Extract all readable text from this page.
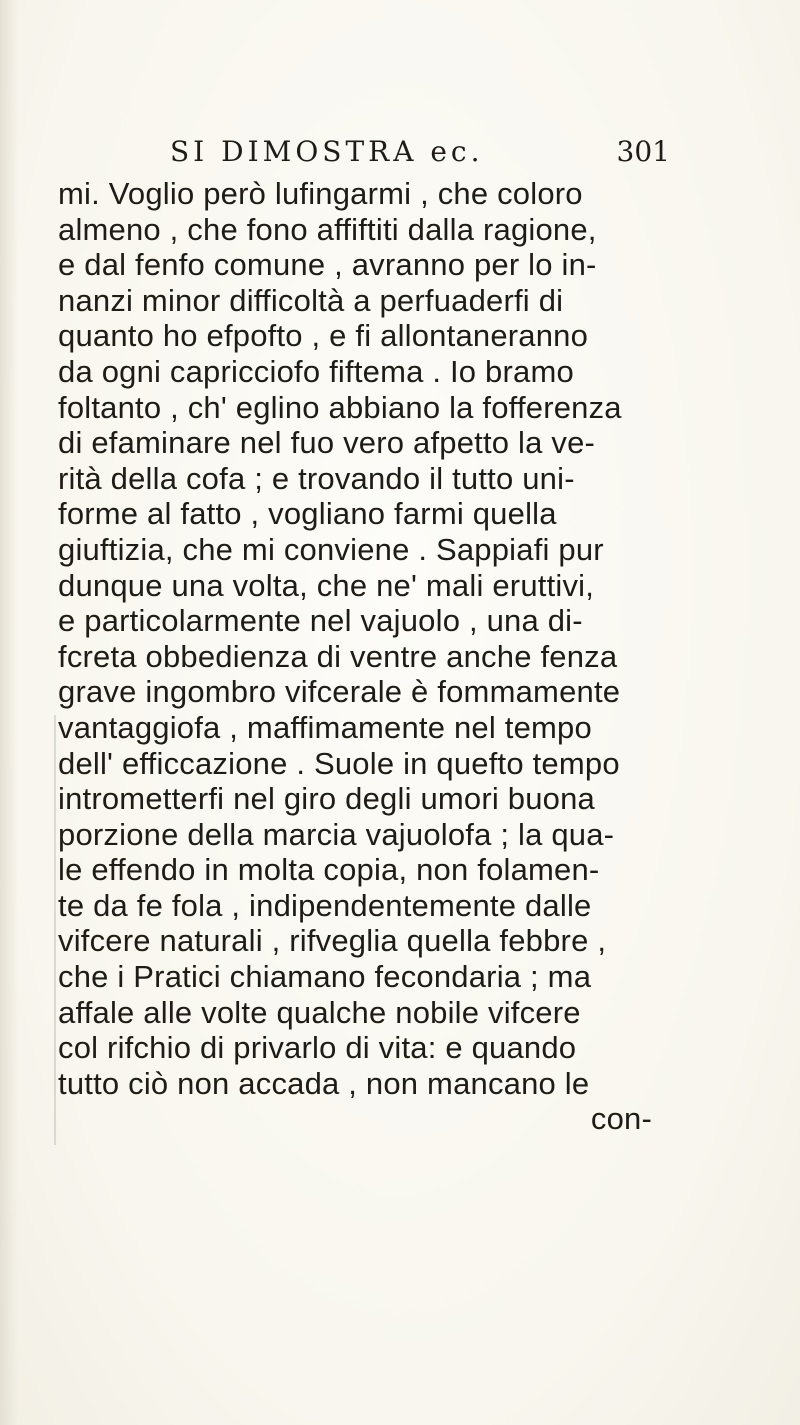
SI DIMOSTRA ec.	301
mi. Voglio però lufingarmi , che coloro
almeno , che fono affiftiti dalla ragione,
e dal fenfo comune , avranno per lo in-
nanzi minor difficoltà a perfuaderfi di
quanto ho efpofto , e fi allontaneranno
da ogni capricciofo fiftema . Io bramo
foltanto , ch' eglino abbiano la fofferenza
di efaminare nel fuo vero afpetto la ve-
rità della cofa ; e trovando il tutto uni-
forme al fatto , vogliano farmi quella
giuftizia, che mi conviene . Sappiafi pur
dunque una volta, che ne' mali eruttivi,
e particolarmente nel vajuolo , una di-
fcreta obbedienza di ventre anche fenza
grave ingombro vifcerale è fommamente
vantaggiofa , maffimamente nel tempo
dell' efficcazione . Suole in quefto tempo
intrometterfi nel giro degli umori buona
porzione della marcia vajuolofa ; la qua-
le effendo in molta copia, non folamen-
te da fe fola , indipendentemente dalle
vifcere naturali , rifveglia quella febbre ,
che i Pratici chiamano fecondaria ; ma
affale alle volte qualche nobile vifcere
col rifchio di privarlo di vita: e quando
tutto ciò non accada , non mancano le
con-
